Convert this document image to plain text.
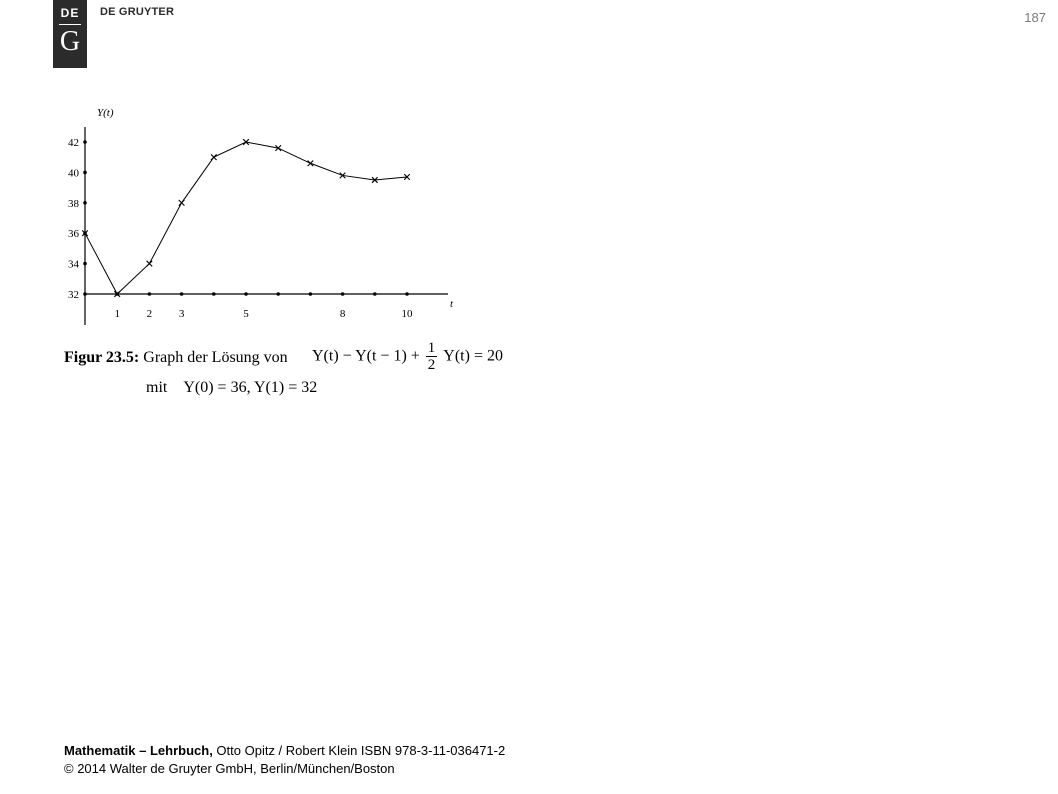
DE
G
DE GRUYTER	187
Y(t)
t
32
34
36
38
40
42
1 2 3	5	8	10
Figur 23.5: Graph der Lösung von $Y(t) - Y(t - 1) + \frac{1}{2} Y(t) = 20$
mit Y(0) = 36, Y(1) = 32
Mathematik – Lehrbuch, Otto Opitz / Robert Klein ISBN 978-3-11-036471-2
© 2014 Walter de Gruyter GmbH, Berlin/München/Boston
